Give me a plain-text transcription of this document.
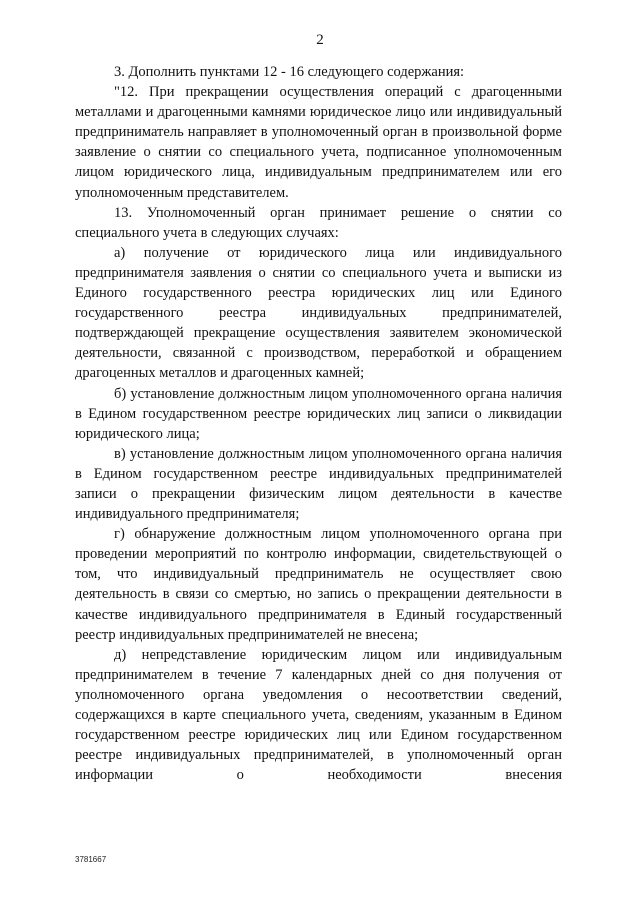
2

3. Дополнить пунктами 12 - 16 следующего содержания:

"12. При прекращении осуществления операций с драгоценными металлами и драгоценными камнями юридическое лицо или индивидуальный предприниматель направляет в уполномоченный орган в произвольной форме заявление о снятии со специального учета, подписанное уполномоченным лицом юридического лица, индивидуальным предпринимателем или его уполномоченным представителем.

13. Уполномоченный орган принимает решение о снятии со специального учета в следующих случаях:

а) получение от юридического лица или индивидуального предпринимателя заявления о снятии со специального учета и выписки из Единого государственного реестра юридических лиц или Единого государственного реестра индивидуальных предпринимателей, подтверждающей прекращение осуществления заявителем экономической деятельности, связанной с производством, переработкой и обращением драгоценных металлов и драгоценных камней;

б) установление должностным лицом уполномоченного органа наличия в Едином государственном реестре юридических лиц записи о ликвидации юридического лица;

в) установление должностным лицом уполномоченного органа наличия в Едином государственном реестре индивидуальных предпринимателей записи о прекращении физическим лицом деятельности в качестве индивидуального предпринимателя;

г) обнаружение должностным лицом уполномоченного органа при проведении мероприятий по контролю информации, свидетельствующей о том, что индивидуальный предприниматель не осуществляет свою деятельность в связи со смертью, но запись о прекращении деятельности в качестве индивидуального предпринимателя в Единый государственный реестр индивидуальных предпринимателей не внесена;

д) непредставление юридическим лицом или индивидуальным предпринимателем в течение 7 календарных дней со дня получения от уполномоченного органа уведомления о несоответствии сведений, содержащихся в карте специального учета, сведениям, указанным в Едином государственном реестре юридических лиц или Едином государственном реестре индивидуальных предпринимателей, в уполномоченный орган информации о необходимости внесения

3781667
